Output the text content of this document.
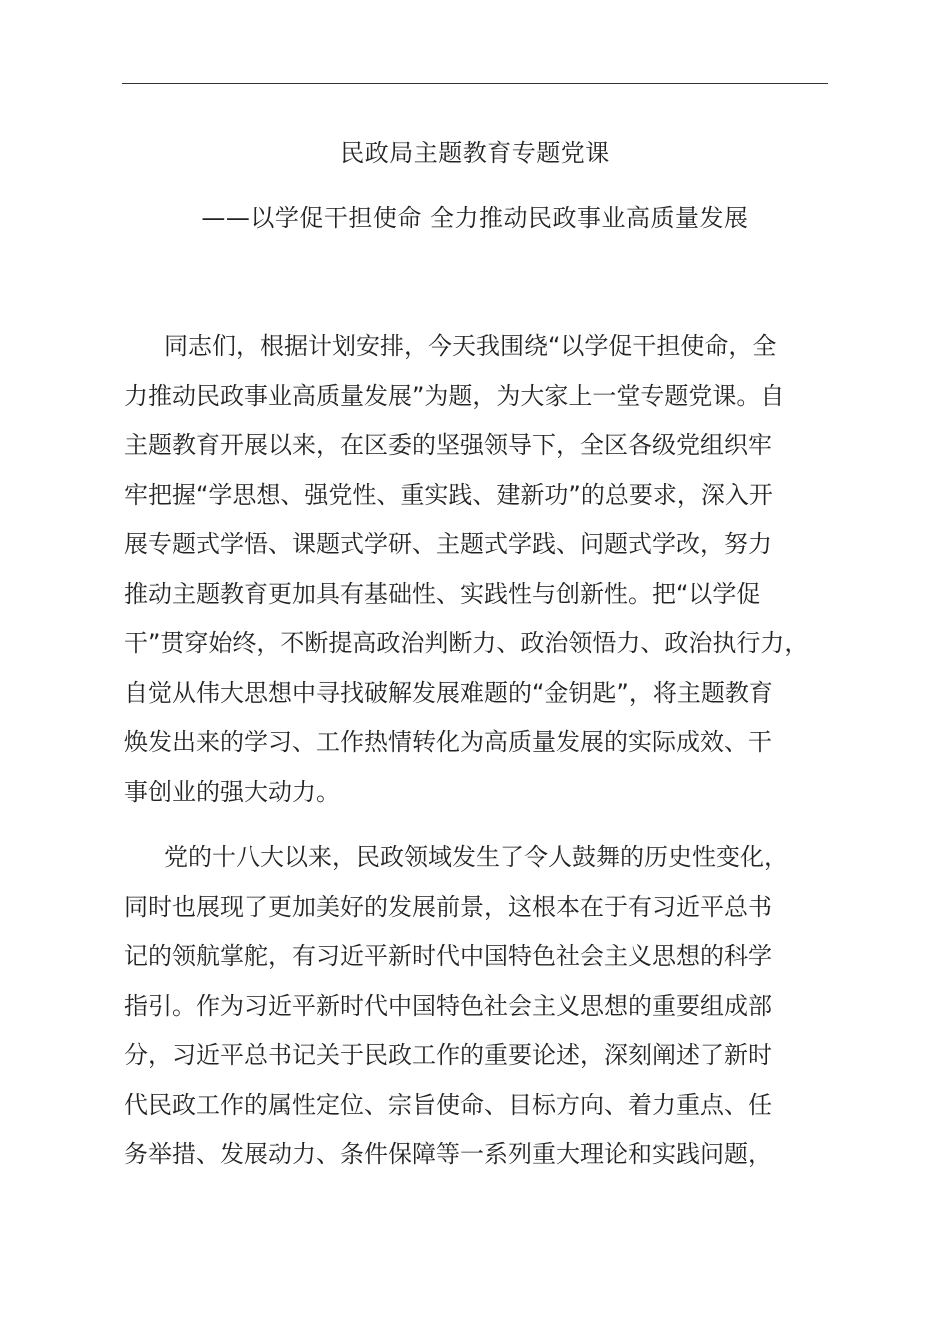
民政局主题教育专题党课
——以学促干担使命 全力推动民政事业高质量发展
同志们，根据计划安排，今天我围绕“以学促干担使命，全
力推动民政事业高质量发展”为题，为大家上一堂专题党课。自
主题教育开展以来，在区委的坚强领导下，全区各级党组织牢
牢把握“学思想、强党性、重实践、建新功”的总要求，深入开
展专题式学悟、课题式学研、主题式学践、问题式学改，努力
推动主题教育更加具有基础性、实践性与创新性。把“以学促
干”贯穿始终，不断提高政治判断力、政治领悟力、政治执行力，
自觉从伟大思想中寻找破解发展难题的“金钥匙”，将主题教育
焕发出来的学习、工作热情转化为高质量发展的实际成效、干
事创业的强大动力。
党的十八大以来，民政领域发生了令人鼓舞的历史性变化，
同时也展现了更加美好的发展前景，这根本在于有习近平总书
记的领航掌舵，有习近平新时代中国特色社会主义思想的科学
指引。作为习近平新时代中国特色社会主义思想的重要组成部
分，习近平总书记关于民政工作的重要论述，深刻阐述了新时
代民政工作的属性定位、宗旨使命、目标方向、着力重点、任
务举措、发展动力、条件保障等一系列重大理论和实践问题，
